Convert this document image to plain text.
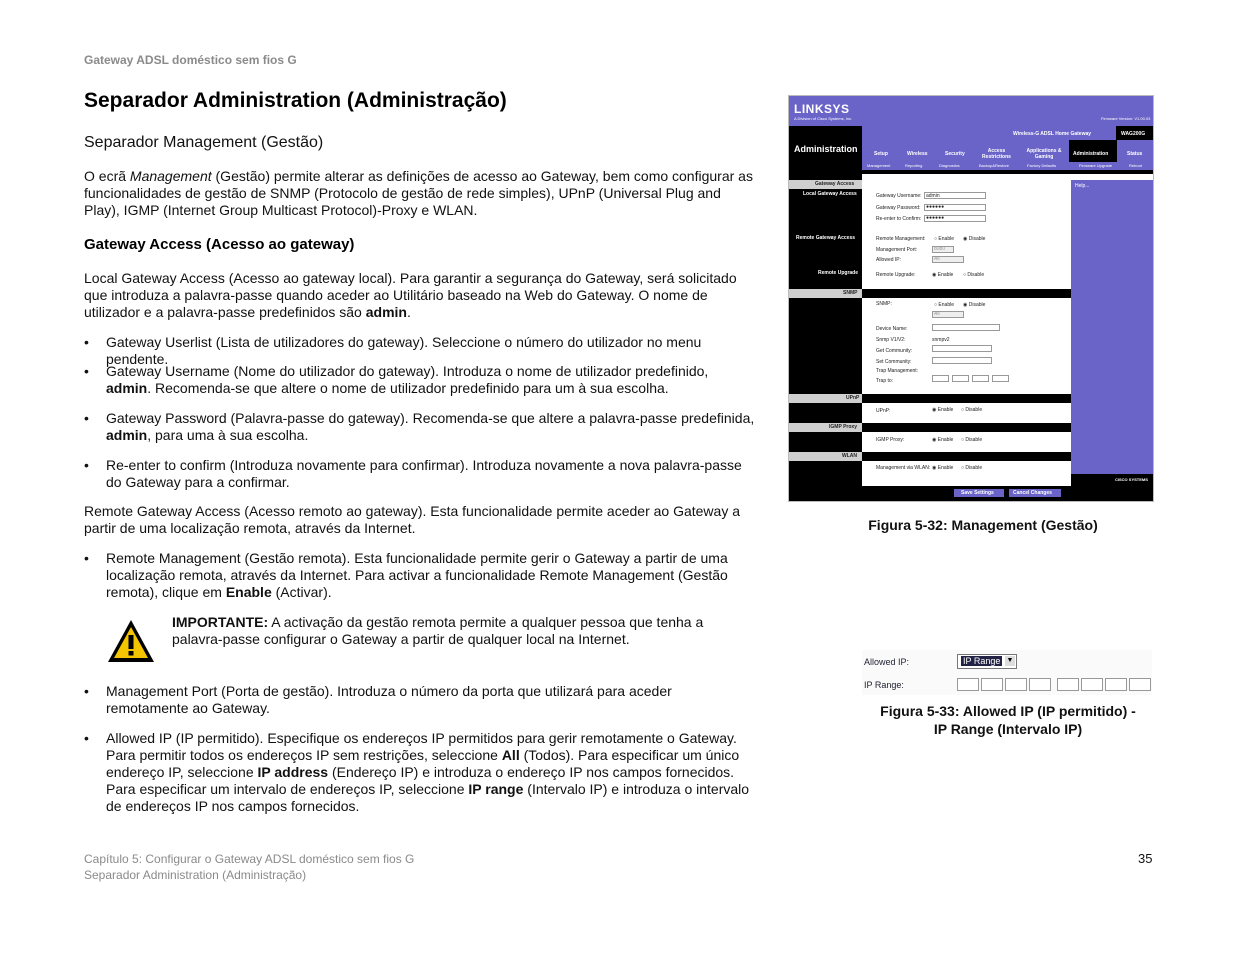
Gateway ADSL doméstico sem fios G
Separador Administration (Administração)
Separador Management (Gestão)
O ecrã Management (Gestão) permite alterar as definições de acesso ao Gateway, bem como configurar as funcionalidades de gestão de SNMP (Protocolo de gestão de rede simples), UPnP (Universal Plug and Play), IGMP (Internet Group Multicast Protocol)-Proxy e WLAN.
Gateway Access (Acesso ao gateway)
Local Gateway Access (Acesso ao gateway local). Para garantir a segurança do Gateway, será solicitado que introduza a palavra-passe quando aceder ao Utilitário baseado na Web do Gateway. O nome de utilizador e a palavra-passe predefinidos são admin.
• Gateway Userlist (Lista de utilizadores do gateway). Seleccione o número do utilizador no menu pendente.
• Gateway Username (Nome do utilizador do gateway). Introduza o nome de utilizador predefinido, admin. Recomenda-se que altere o nome de utilizador predefinido para um à sua escolha.
• Gateway Password (Palavra-passe do gateway). Recomenda-se que altere a palavra-passe predefinida, admin, para uma à sua escolha.
• Re-enter to confirm (Introduza novamente para confirmar). Introduza novamente a nova palavra-passe do Gateway para a confirmar.
Remote Gateway Access (Acesso remoto ao gateway). Esta funcionalidade permite aceder ao Gateway a partir de uma localização remota, através da Internet.
• Remote Management (Gestão remota). Esta funcionalidade permite gerir o Gateway a partir de uma localização remota, através da Internet. Para activar a funcionalidade Remote Management (Gestão remota), clique em Enable (Activar).
IMPORTANTE: A activação da gestão remota permite a qualquer pessoa que tenha a palavra-passe configurar o Gateway a partir de qualquer local na Internet.
• Management Port (Porta de gestão). Introduza o número da porta que utilizará para aceder remotamente ao Gateway.
• Allowed IP (IP permitido). Especifique os endereços IP permitidos para gerir remotamente o Gateway. Para permitir todos os endereços IP sem restrições, seleccione All (Todos). Para especificar um único endereço IP, seleccione IP address (Endereço IP) e introduza o endereço IP nos campos fornecidos. Para especificar um intervalo de endereços IP, seleccione IP range (Intervalo IP) e introduza o intervalo de endereços IP nos campos fornecidos.
LINKSYS
A Division of Cisco Systems, Inc.	Firmware Version: V1.00.03
Wireless-G ADSL Home Gateway	WAG200G
Administration	Setup	Wireless	Security	Access Restrictions
Applications & Gaming	Administration	Status
Management	Reporting	Diagnostics	Backup&Restore	Factory Defaults	Firmware Upgrade	Reboot
Help...
CISCO SYSTEMS
Save Settings	Cancel Changes
Gateway Access
Local Gateway Access
Remote Gateway Access
Remote Upgrade
SNMP
UPnP
IGMP Proxy
WLAN
Gateway Username: admin
Gateway Password: ●●●●●●
Re-enter to Confirm: ●●●●●●
Remote Management: ○ Enable ◉ Disable
Management Port:	8080
Allowed IP:	All
Remote Upgrade:	◉ Enable ○ Disable
SNMP:	○ Enable ◉ Disable
All
Device Name:
Snmp V1/V2:	snmpv2
Get Community:
Set Community:
Trap Management:
Trap to:
UPnP:	◉ Enable ○ Disable
IGMP Proxy:	◉ Enable ○ Disable
Management via WLAN: ◉ Enable ○ Disable
Figura 5-32: Management (Gestão)
Allowed IP:	IP Range ▼
IP Range:
Figura 5-33: Allowed IP (IP permitido) -
IP Range (Intervalo IP)
Capítulo 5: Configurar o Gateway ADSL doméstico sem fios G
Separador Administration (Administração)
35
